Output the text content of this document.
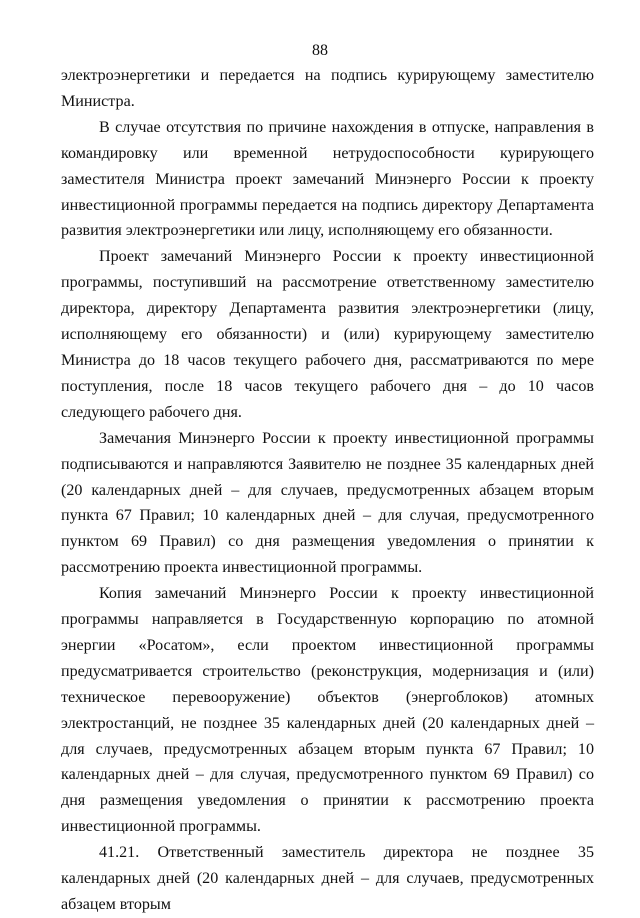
88

электроэнергетики и передается на подпись курирующему заместителю Министра.

В случае отсутствия по причине нахождения в отпуске, направления в командировку или временной нетрудоспособности курирующего заместителя Министра проект замечаний Минэнерго России к проекту инвестиционной программы передается на подпись директору Департамента развития электроэнергетики или лицу, исполняющему его обязанности.

Проект замечаний Минэнерго России к проекту инвестиционной программы, поступивший на рассмотрение ответственному заместителю директора, директору Департамента развития электроэнергетики (лицу, исполняющему его обязанности) и (или) курирующему заместителю Министра до 18 часов текущего рабочего дня, рассматриваются по мере поступления, после 18 часов текущего рабочего дня – до 10 часов следующего рабочего дня.

Замечания Минэнерго России к проекту инвестиционной программы подписываются и направляются Заявителю не позднее 35 календарных дней (20 календарных дней – для случаев, предусмотренных абзацем вторым пункта 67 Правил; 10 календарных дней – для случая, предусмотренного пунктом 69 Правил) со дня размещения уведомления о принятии к рассмотрению проекта инвестиционной программы.

Копия замечаний Минэнерго России к проекту инвестиционной программы направляется в Государственную корпорацию по атомной энергии «Росатом», если проектом инвестиционной программы предусматривается строительство (реконструкция, модернизация и (или) техническое перевооружение) объектов (энергоблоков) атомных электростанций, не позднее 35 календарных дней (20 календарных дней – для случаев, предусмотренных абзацем вторым пункта 67 Правил; 10 календарных дней – для случая, предусмотренного пунктом 69 Правил) со дня размещения уведомления о принятии к рассмотрению проекта инвестиционной программы.

41.21. Ответственный заместитель директора не позднее 35 календарных дней (20 календарных дней – для случаев, предусмотренных абзацем вторым
